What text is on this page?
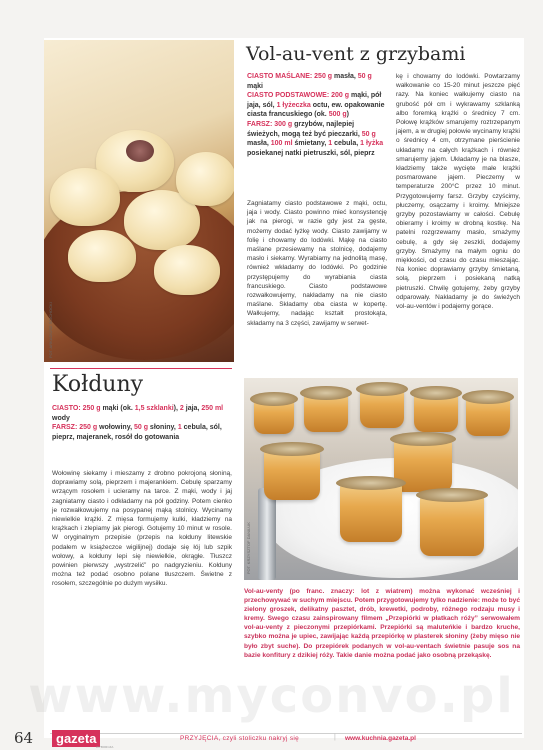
FOT. ARKADIUSZ ŚCICHOCKI
FOT. KRZYSZTOF DANILUK
Vol-au-vent z grzybami
CIASTO MAŚLANE: 250 g masła, 50 g mąki
CIASTO PODSTAWOWE: 200 g mąki, pół jaja, sól, 1 łyżeczka octu, ew. opakowanie ciasta francuskiego (ok. 500 g)
FARSZ: 300 g grzybów, najlepiej świeżych, mogą też być pieczarki, 50 g masła, 100 ml śmietany, 1 cebula, 1 łyżka posiekanej natki pietruszki, sól, pieprz
Zagniatamy ciasto podstawowe z mąki, octu, jaja i wody. Ciasto powinno mieć konsystencję jak na pierogi, w razie gdy jest za gęste, możemy dodać łyżkę wody. Ciasto zawijamy w folię i chowamy do lodówki. Mąkę na ciasto maślane przesiewamy na stolnicę, dodajemy masło i siekamy. Wyrabiamy na jednolitą masę, również wkładamy do lodówki. Po godzinie przystępujemy do wyrabiania ciasta francuskiego. Ciasto podstawowe rozwałkowujemy, nakładamy na nie ciasto maślane. Składamy oba ciasta w kopertę. Wałkujemy, nadając kształt prostokąta, składamy na 3 części, zawijamy w serwet-
kę i chowamy do lodówki. Powtarzamy wałkowanie co 15-20 minut jeszcze pięć razy. Na koniec wałkujemy ciasto na grubość pół cm i wykrawamy szklanką albo foremką krążki o średnicy 7 cm. Połowę krążków smarujemy roztrzepanym jajem, a w drugiej połowie wycinamy krążki o średnicy 4 cm, otrzymane pierścienie układamy na całych krążkach i również smarujemy jajem. Układamy je na blasze, kładziemy także wycięte małe krążki posmarowane jajem. Pieczemy w temperaturze 200°C przez 10 minut. Przygotowujemy farsz. Grzyby czyścimy, płuczemy, osączamy i kroimy. Mniejsze grzyby pozostawiamy w całości. Cebulę obieramy i kroimy w drobną kostkę. Na patelni rozgrzewamy masło, smażymy cebulę, a gdy się zeszkli, dodajemy grzyby. Smażymy na małym ogniu do miękkości, od czasu do czasu mieszając. Na koniec doprawiamy grzyby śmietaną, solą, pieprzem i posiekaną natką pietruszki. Chwilę gotujemy, żeby grzyby odparowały. Nakładamy je do świeżych vol-au-ventów i podajemy gorące.
Kołduny
CIASTO: 250 g mąki (ok. 1,5 szklanki), 2 jaja, 250 ml wody
FARSZ: 250 g wołowiny, 50 g słoniny, 1 cebula, sól, pieprz, majeranek, rosół do gotowania
Wołowinę siekamy i mieszamy z drobno pokrojoną słoniną, doprawiamy solą, pieprzem i majerankiem. Cebulę sparzamy wrzącym rosołem i ucieramy na tarce. Z mąki, wody i jaj zagniatamy ciasto i odkładamy na pół godziny. Potem cienko je rozwałkowujemy na posypanej mąką stolnicy. Wycinamy niewielkie krążki. Z mięsa formujemy kulki, kładziemy na krążkach i zlepiamy jak pierogi. Gotujemy 10 minut w rosole. W oryginalnym przepisie (przepis na kołduny litewskie podałem w książeczce wigilijnej) dodaje się łój lub szpik wołowy, a kołduny lepi się niewielkie, okrągłe. Tłuszcz powinien pierwszy „wystrzelić” po nadgryzieniu. Kołduny można też podać osobno polane tłuszczem. Świetne z rosołem, szczególnie po dużym wysiłku.
Vol-au-venty (po franc. znaczy: lot z wiatrem) można wykonać wcześniej i przechowywać w suchym miejscu. Potem przygotowujemy tylko nadzienie: może to być zielony groszek, delikatny pasztet, drób, krewetki, podroby, różnego rodzaju musy i kremy. Swego czasu zainspirowany filmem „Przepiórki w płatkach róży” serwowałem vol-au-venty z pieczonymi przepiórkami. Przepiórki są maluteńkie i bardzo kruche, szybko można je upiec, zawijając każdą przepiórkę w plasterek słoniny (żeby mięso nie było zbyt suche). Do przepiórek podanych w vol-au-ventach świetnie pasuje sos na bazie konfitury z dzikiej róży. Takie danie można podać jako osobną przekąskę.
www.myconvo.pl
64	gazeta
WYBORCZA
PRZYJĘCIA, czyli stoliczku nakryj się	| www.kuchnia.gazeta.pl
